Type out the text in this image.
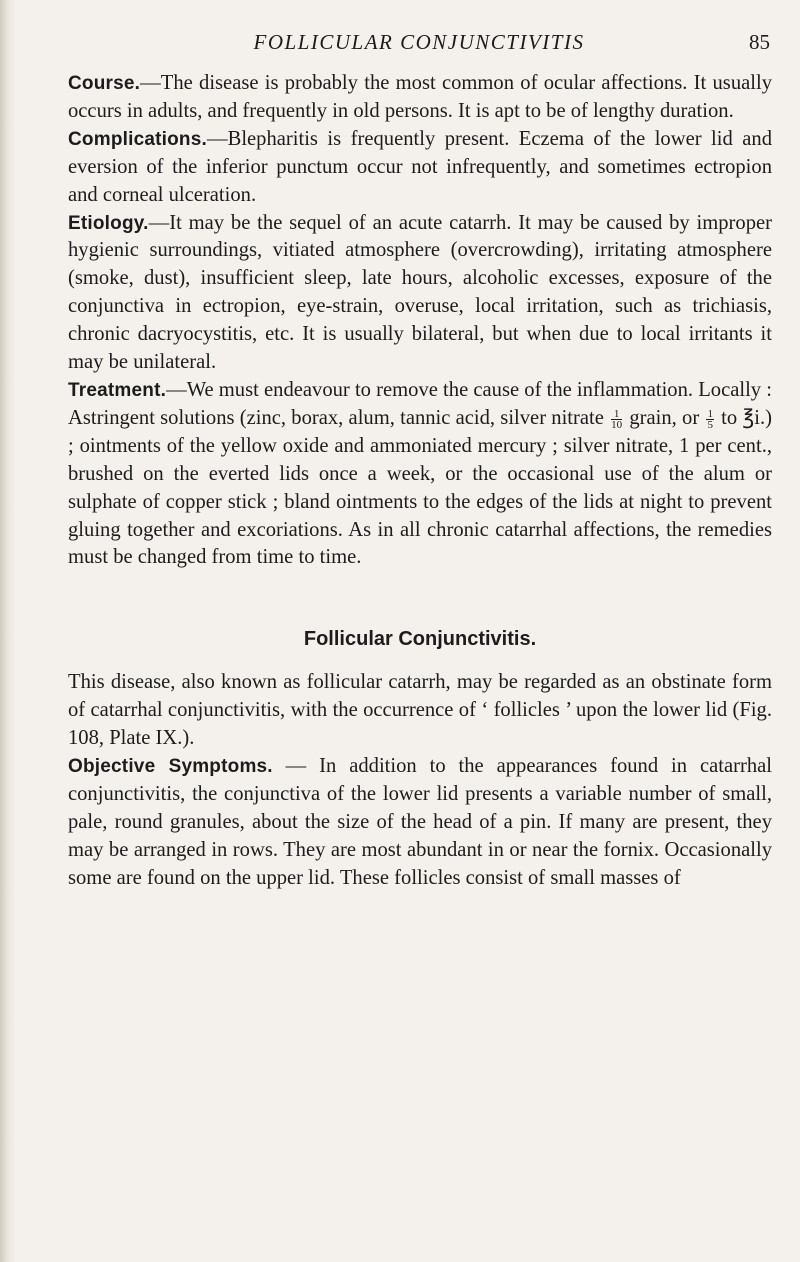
FOLLICULAR CONJUNCTIVITIS	85

Course.—The disease is probably the most common of ocular affections. It usually occurs in adults, and frequently in old persons. It is apt to be of lengthy duration.

Complications.—Blepharitis is frequently present. Eczema of the lower lid and eversion of the inferior punctum occur not infrequently, and sometimes ectropion and corneal ulceration.

Etiology.—It may be the sequel of an acute catarrh. It may be caused by improper hygienic surroundings, vitiated atmosphere (overcrowding), irritating atmosphere (smoke, dust), insufficient sleep, late hours, alcoholic excesses, exposure of the conjunctiva in ectropion, eye-strain, overuse, local irritation, such as trichiasis, chronic dacryocystitis, etc. It is usually bilateral, but when due to local irritants it may be unilateral.

Treatment.—We must endeavour to remove the cause of the inflammation. Locally : Astringent solutions (zinc, borax, alum, tannic acid, silver nitrate $\frac{1}{10}$ grain, or $\frac{1}{5}$ to ℥i.) ; ointments of the yellow oxide and ammoniated mercury ; silver nitrate, 1 per cent., brushed on the everted lids once a week, or the occasional use of the alum or sulphate of copper stick ; bland ointments to the edges of the lids at night to prevent gluing together and excoriations. As in all chronic catarrhal affections, the remedies must be changed from time to time.

Follicular Conjunctivitis.

This disease, also known as follicular catarrh, may be regarded as an obstinate form of catarrhal conjunctivitis, with the occurrence of ‘ follicles ’ upon the lower lid (Fig. 108, Plate IX.).

Objective Symptoms. — In addition to the appearances found in catarrhal conjunctivitis, the conjunctiva of the lower lid presents a variable number of small, pale, round granules, about the size of the head of a pin. If many are present, they may be arranged in rows. They are most abundant in or near the fornix. Occasionally some are found on the upper lid. These follicles consist of small masses of
